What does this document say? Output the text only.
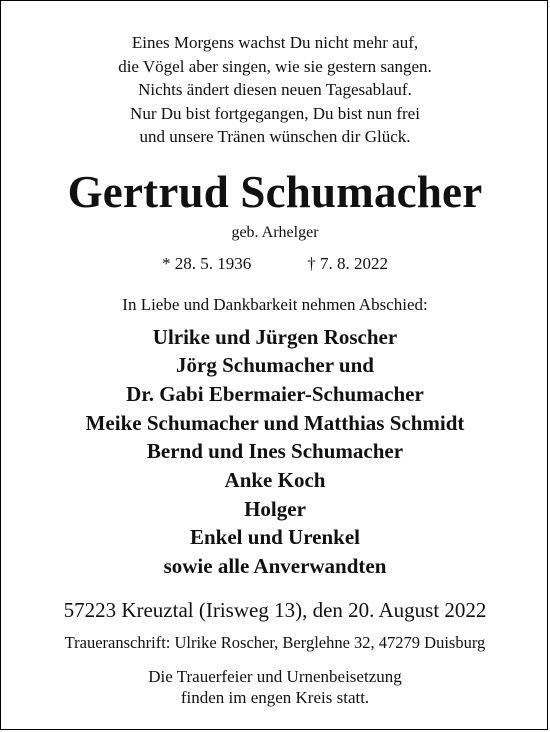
Eines Morgens wachst Du nicht mehr auf,
die Vögel aber singen, wie sie gestern sangen.
Nichts ändert diesen neuen Tagesablauf.
Nur Du bist fortgegangen, Du bist nun frei
und unsere Tränen wünschen dir Glück.
Gertrud Schumacher
geb. Arhelger
* 28. 5. 1936	† 7. 8. 2022
In Liebe und Dankbarkeit nehmen Abschied:
Ulrike und Jürgen Roscher
Jörg Schumacher und
Dr. Gabi Ebermaier-Schumacher
Meike Schumacher und Matthias Schmidt
Bernd und Ines Schumacher
Anke Koch
Holger
Enkel und Urenkel
sowie alle Anverwandten
57223 Kreuztal (Irisweg 13), den 20. August 2022
Traueranschrift: Ulrike Roscher, Berglehne 32, 47279 Duisburg
Die Trauerfeier und Urnenbeisetzung
finden im engen Kreis statt.
